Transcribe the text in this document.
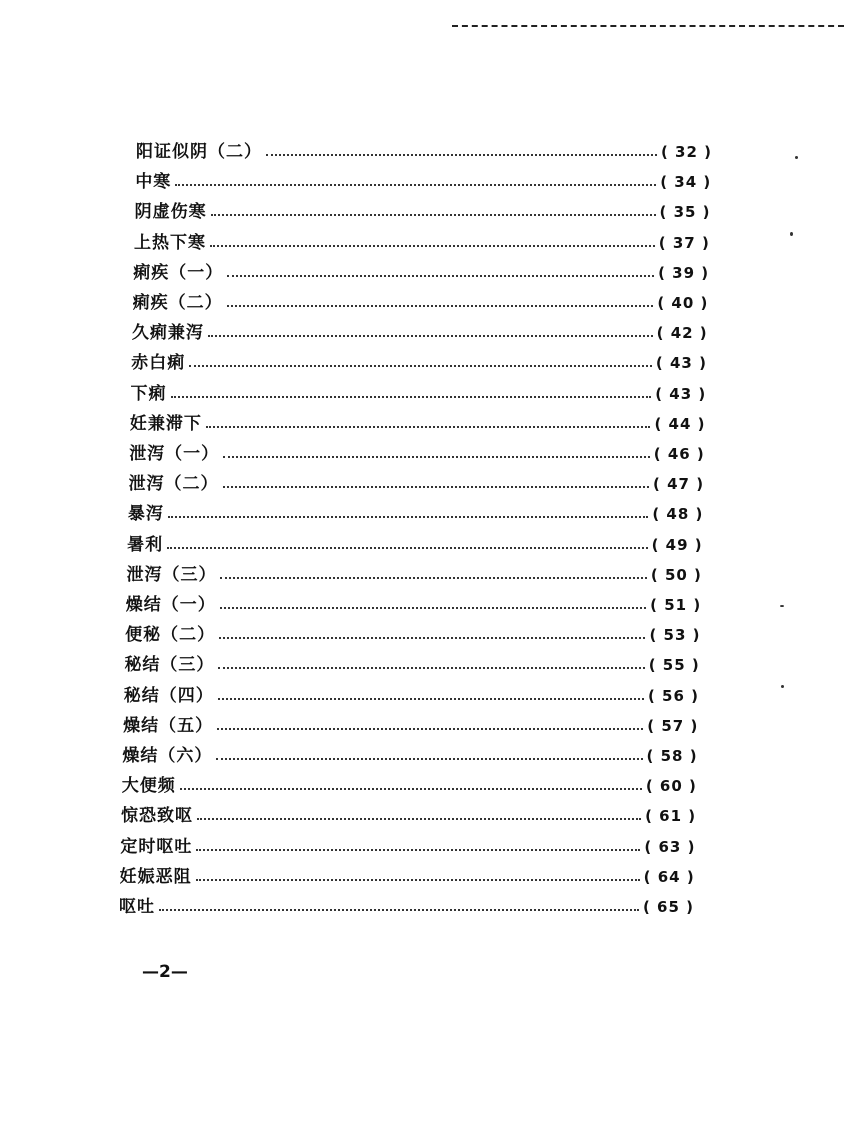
阳证似阴（二）	( 32 )
中寒	( 34 )
阴虚伤寒	( 35 )
上热下寒	( 37 )
痢疾（一）	( 39 )
痢疾（二）	( 40 )
久痢兼泻	( 42 )
赤白痢	( 43 )
下痢	( 43 )
妊兼滞下	( 44 )
泄泻（一）	( 46 )
泄泻（二）	( 47 )
暴泻	( 48 )
暑利	( 49 )
泄泻（三）	( 50 )
燥结（一）	( 51 )
便秘（二）	( 53 )
秘结（三）	( 55 )
秘结（四）	( 56 )
燥结（五）	( 57 )
燥结（六）	( 58 )
大便频	( 60 )
惊恐致呕	( 61 )
定时呕吐	( 63 )
妊娠恶阻	( 64 )
呕吐	( 65 )
—2—
